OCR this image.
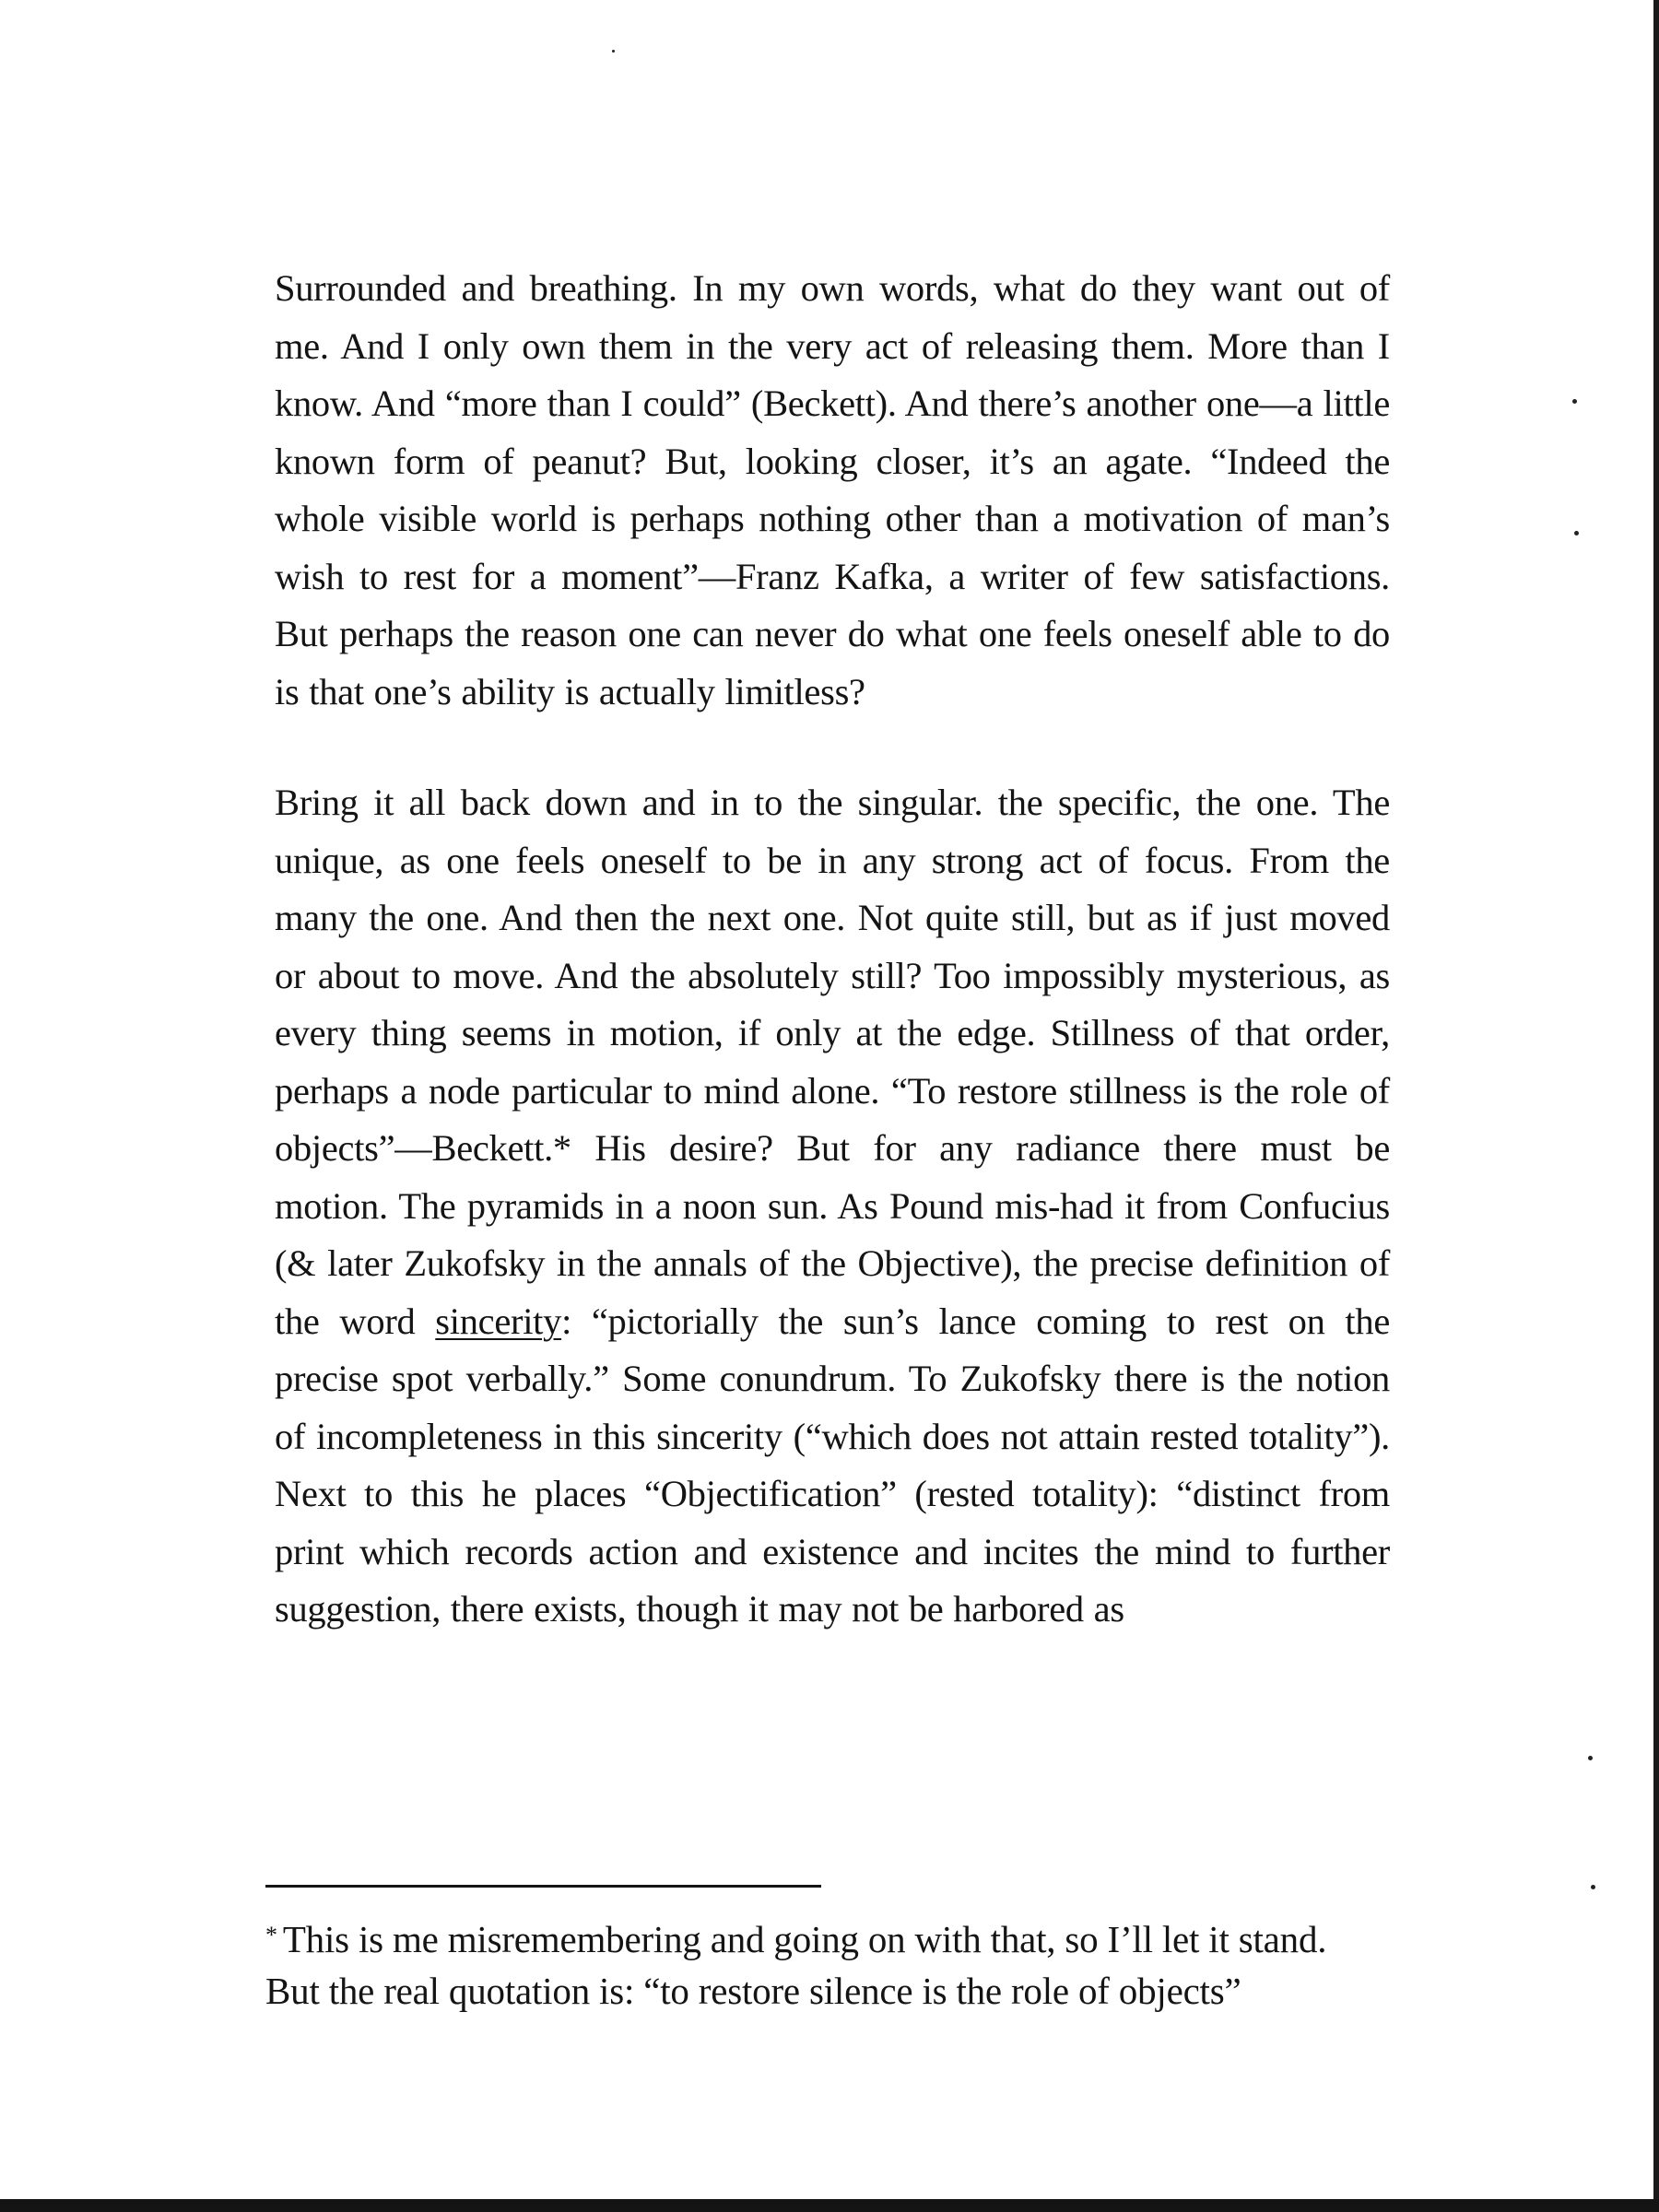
Surrounded and breathing. In my own words, what do they want out of me. And I only own them in the very act of releasing them. More than I know. And “more than I could” (Beckett). And there’s another one—a little known form of peanut? But, looking closer, it’s an agate. “Indeed the whole visible world is perhaps nothing other than a motivation of man’s wish to rest for a moment”—Franz Kafka, a writer of few satisfactions. But perhaps the reason one can never do what one feels oneself able to do is that one’s ability is actually limitless?

Bring it all back down and in to the singular. the specific, the one. The unique, as one feels oneself to be in any strong act of focus. From the many the one. And then the next one. Not quite still, but as if just moved or about to move. And the absolutely still? Too impossibly mysterious, as every thing seems in motion, if only at the edge. Stillness of that order, perhaps a node particular to mind alone. “To restore stillness is the role of objects”—Beckett.* His desire? But for any radiance there must be motion. The pyramids in a noon sun. As Pound mis-had it from Confucius (& later Zukofsky in the annals of the Objective), the precise definition of the word sincerity: “pictorially the sun’s lance coming to rest on the precise spot verbally.” Some conundrum. To Zukofsky there is the notion of incompleteness in this sincerity (“which does not attain rested totality”). Next to this he places “Objectification” (rested totality): “distinct from print which records action and existence and incites the mind to further suggestion, there exists, though it may not be harbored as

* This is me misremembering and going on with that, so I’ll let it stand. But the real quotation is: “to restore silence is the role of objects”
